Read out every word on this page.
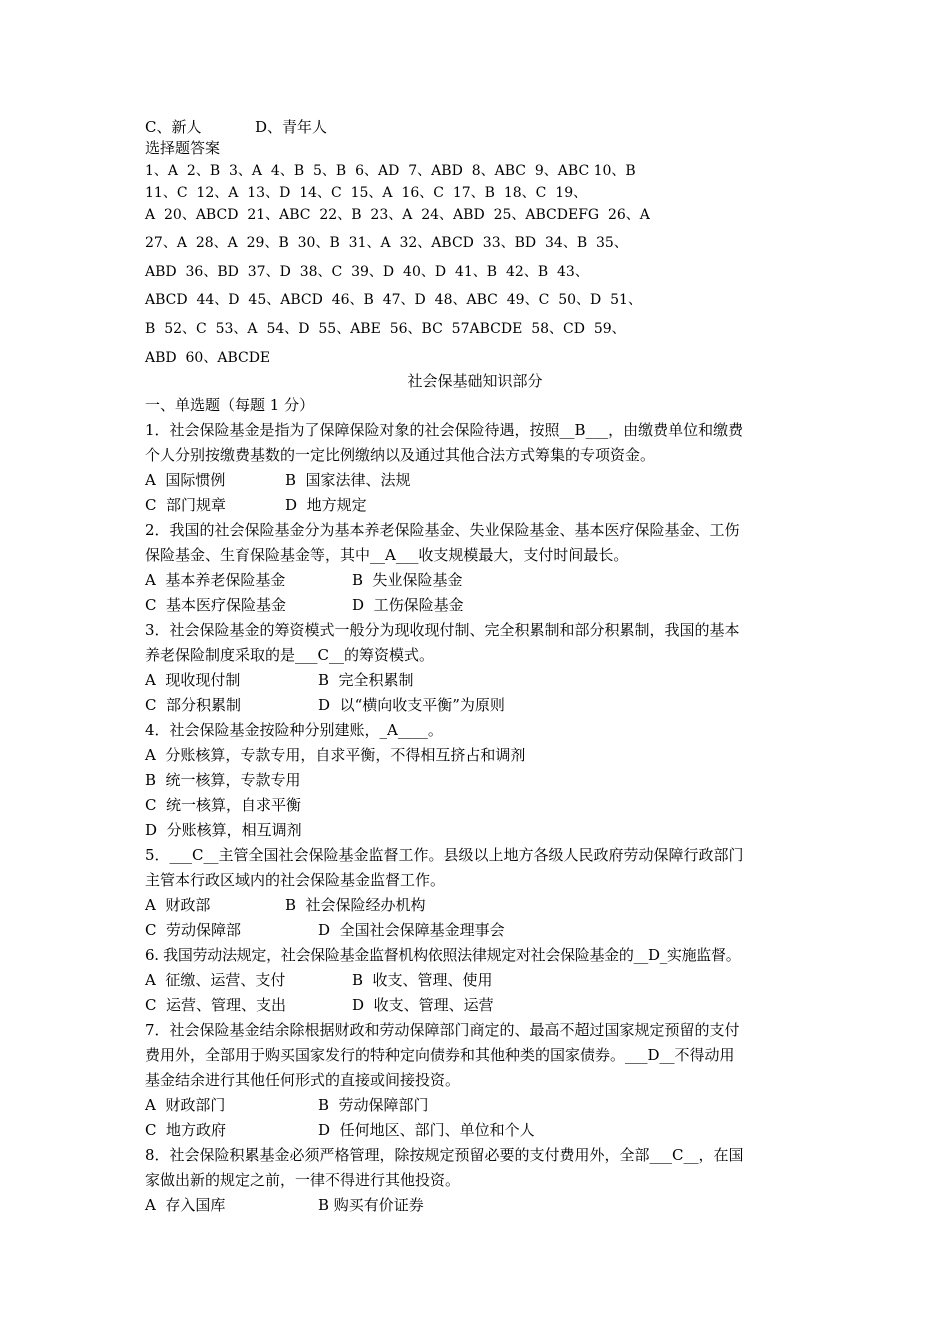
C、新人	D、青年人
选择题答案
1、A  2、B  3、A  4、B  5、B  6、AD  7、ABD  8、ABC  9、ABC 10、B
11、C  12、A  13、D  14、C  15、A  16、C  17、B  18、C  19、
A  20、ABCD  21、ABC  22、B  23、A  24、ABD  25、ABCDEFG  26、A
27、A  28、A  29、B  30、B  31、A  32、ABCD  33、BD  34、B  35、
ABD  36、BD  37、D  38、C  39、D  40、D  41、B  42、B  43、
ABCD  44、D  45、ABCD  46、B  47、D  48、ABC  49、C  50、D  51、
B  52、C  53、A  54、D  55、ABE  56、BC  57ABCDE  58、CD  59、
ABD  60、ABCDE
社会保基础知识部分
一、单选题（每题 1 分）
1．社会保险基金是指为了保障保险对象的社会保险待遇，按照__B___，由缴费单位和缴费
个人分别按缴费基数的一定比例缴纳以及通过其他合法方式筹集的专项资金。
A  国际惯例	B  国家法律、法规
C  部门规章	D  地方规定
2．我国的社会保险基金分为基本养老保险基金、失业保险基金、基本医疗保险基金、工伤
保险基金、生育保险基金等，其中__A___收支规模最大，支付时间最长。
A  基本养老保险基金	B  失业保险基金
C  基本医疗保险基金	D  工伤保险基金
3．社会保险基金的筹资模式一般分为现收现付制、完全积累制和部分积累制，我国的基本
养老保险制度采取的是___C__的筹资模式。
A  现收现付制	B  完全积累制
C  部分积累制	D  以“横向收支平衡”为原则
4．社会保险基金按险种分别建账，_A____。
A  分账核算，专款专用，自求平衡，不得相互挤占和调剂
B  统一核算，专款专用
C  统一核算，自求平衡
D  分账核算，相互调剂
5．___C__主管全国社会保险基金监督工作。县级以上地方各级人民政府劳动保障行政部门
主管本行政区域内的社会保险基金监督工作。
A  财政部	B  社会保险经办机构
C  劳动保障部	D  全国社会保障基金理事会
6. 我国劳动法规定，社会保险基金监督机构依照法律规定对社会保险基金的__D_实施监督。
A  征缴、运营、支付	B  收支、管理、使用
C  运营、管理、支出	D  收支、管理、运营
7．社会保险基金结余除根据财政和劳动保障部门商定的、最高不超过国家规定预留的支付
费用外，全部用于购买国家发行的特种定向债券和其他种类的国家债券。___D__不得动用
基金结余进行其他任何形式的直接或间接投资。
A  财政部门	B  劳动保障部门
C  地方政府	D  任何地区、部门、单位和个人
8．社会保险积累基金必须严格管理，除按规定预留必要的支付费用外，全部___C__，在国
家做出新的规定之前，一律不得进行其他投资。
A  存入国库	B 购买有价证券
